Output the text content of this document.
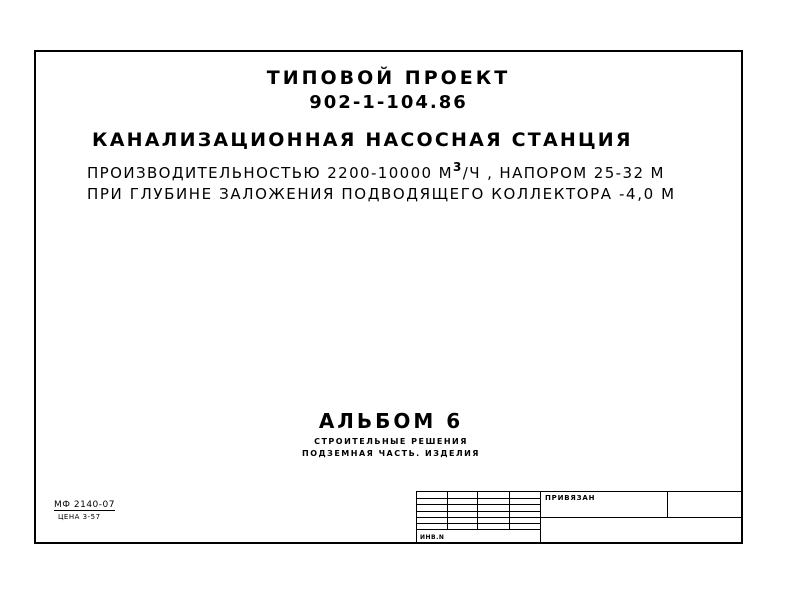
ТИПОВОЙ ПРОЕКТ
902-1-104.86
КАНАЛИЗАЦИОННАЯ НАСОСНАЯ СТАНЦИЯ
ПРОИЗВОДИТЕЛЬНОСТЬЮ 2200-10000 $М^3/Ч$ , НАПОРОМ 25-32 М
ПРИ ГЛУБИНЕ ЗАЛОЖЕНИЯ ПОДВОДЯЩЕГО КОЛЛЕКТОРА -4,0 М
АЛЬБОМ 6
СТРОИТЕЛЬНЫЕ РЕШЕНИЯ
ПОДЗЕМНАЯ ЧАСТЬ. ИЗДЕЛИЯ
МФ 2140-07
ЦЕНА 3-57
ИНВ.N
ПРИВЯЗАН
